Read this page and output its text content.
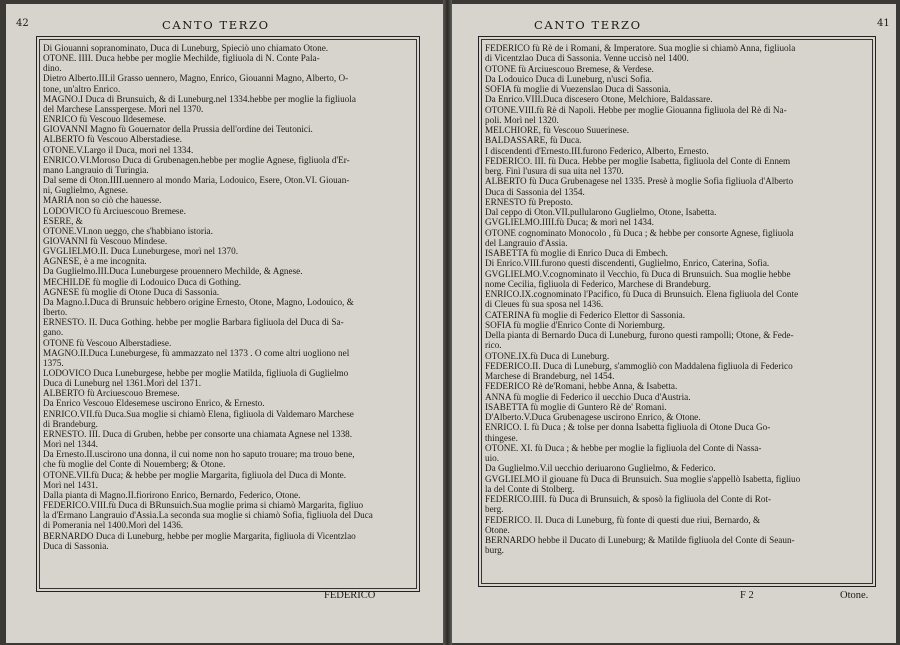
42	CANTO TERZO
Di Giouanni sopranominato, Duca di Luneburg, Spieciò uno chiamato Otone.
OTONE. IIII. Duca hebbe per moglie Mechilde, figliuola di N. Conte Pala-
dino.
Dietro Alberto.III.il Grasso uennero, Magno, Enrico, Giouanni Magno, Alberto, O-
tone, un'altro Enrico.
MAGNO.I Duca di Brunsuich, & di Luneburg.nel 1334.hebbe per moglie la figliuola
del Marchese Lansspergese. Morì nel 1370.
ENRICO fù Vescouo Ildesemese.
GIOVANNI Magno fù Gouernator della Prussia dell'ordine dei Teutonici.
ALBERTO fù Vescouo Alberstadiese.
OTONE.V.Largo il Duca, morì nel 1334.
ENRICO.VI.Moroso Duca di Grubenagen.hebbe per moglie Agnese, figliuola d'Er-
mano Langrauio di Turingia.
Dal seme di Oton.IIII.uennero al mondo Maria, Lodouico, Esere, Oton.VI. Giouan-
ni, Guglielmo, Agnese.
MARIA non so ciò che hauesse.
LODOVICO fù Arciuescouo Bremese.
ESERE, &
OTONE.VI.non ueggo, che s'habbiano istoria.
GIOVANNI fù Vescouo Mindese.
GVGLIELMO.II. Duca Luneburgese, morì nel 1370.
AGNESE, è a me incognita.
Da Guglielmo.III.Duca Luneburgese prouennero Mechilde, & Agnese.
MECHILDE fù moglie di Lodouico Duca di Gothing.
AGNESE fù moglie di Otone Duca di Sassonia.
Da Magno.I.Duca di Brunsuic hebbero origine Ernesto, Otone, Magno, Lodouico, &
Iberto.
ERNESTO. II. Duca Gothing. hebbe per moglie Barbara figliuola del Duca di Sa-
gano.
OTONE fù Vescouo Alberstadiese.
MAGNO.II.Duca Luneburgese, fù ammazzato nel 1373 . O come altri uogliono nel
1375.
LODOVICO Duca Luneburgese, hebbe per moglie Matilda, figliuola di Guglielmo
Duca di Luneburg nel 1361.Morì del 1371.
ALBERTO fù Arciuescouo Bremese.
Da Enrico Vescouo Eldesemese uscirono Enrico, & Ernesto.
ENRICO.VII.fù Duca.Sua moglie si chiamò Elena, figliuola di Valdemaro Marchese
di Brandeburg.
ERNESTO. III. Duca di Gruben, hebbe per consorte una chiamata Agnese nel 1338.
Morì nel 1344.
Da Ernesto.II.uscirono una donna, il cui nome non ho saputo trouare; ma trouo bene,
che fù moglie del Conte di Nouemberg; & Otone.
OTONE.VII.fù Duca; & hebbe per moglie Margarita, figliuola del Duca di Monte.
Morì nel 1431.
Dalla pianta di Magno.II.fiorirono Enrico, Bernardo, Federico, Otone.
FEDERICO.VIII.fù Duca di BRunsuich.Sua moglie prima si chiamò Margarita, figliuo
la d'Ermano Langrauio d'Assia.La seconda sua moglie si chiamò Sofia, figliuola del Duca
di Pomerania nel 1400.Morì del 1436.
BERNARDO Duca di Luneburg, hebbe per moglie Margarita, figliuola di Vicentzlao
Duca di Sassonia.
FEDERICO
CANTO TERZO	41
FEDERICO fù Rè de i Romani, & Imperatore. Sua moglie si chiamò Anna, figliuola
di Vicentzlao Duca di Sassonia. Venne uccisò nel 1400.
OTONE fù Arciuescouo Bremese, & Verdese.
Da Lodouico Duca di Luneburg, n'usci Sofia.
SOFIA fù moglie di Vuezenslao Duca di Sassonia.
Da Enrico.VIII.Duca discesero Otone, Melchiore, Baldassare.
OTONE.VIII.fù Rè di Napoli. Hebbe per moglie Giouanna figliuola del Rè di Na-
poli. Morì nel 1320.
MELCHIORE, fù Vescouo Suuerinese.
BALDASSARE, fù Duca.
I discendenti d'Ernesto.III.furono Federico, Alberto, Ernesto.
FEDERICO. III. fù Duca. Hebbe per moglie Isabetta, figliuola del Conte di Ennem
berg. Finì l'usura di sua uita nel 1370.
ALBERTO fù Duca Grubenagese nel 1335. Presè à moglie Sofia figliuola d'Alberto
Duca di Sassonia del 1354.
ERNESTO fù Preposto.
Dal ceppo di Oton.VII.pullularono Guglielmo, Otone, Isabetta.
GVGLIELMO.IIII.fù Duca; & morì nel 1434.
OTONE cognominato Monocolo , fù Duca ; & hebbe per consorte Agnese, figliuola
del Langrauio d'Assia.
ISABETTA fù moglie di Enrico Duca di Embech.
Di Enrico.VIII.furono questi discendenti, Guglielmo, Enrico, Caterina, Sofia.
GVGLIELMO.V.cognominato il Vecchio, fù Duca di Brunsuich. Sua moglie hebbe
nome Cecilia, figliuola di Federico, Marchese di Brandeburg.
ENRICO.IX.cognominato l'Pacifico, fù Duca di Brunsuich. Elena figliuola del Conte
di Cleues fù sua sposa nel 1436.
CATERINA fù moglie di Federico Elettor di Sassonia.
SOFIA fù moglie d'Enrico Conte di Noriemburg.
Della pianta di Bernardo Duca di Luneburg, furono questi rampolli; Otone, & Fede-
rico.
OTONE.IX.fù Duca di Luneburg.
FEDERICO.II. Duca di Luneburg, s'ammogliò con Maddalena figliuola di Federico
Marchese di Brandeburg, nel 1454.
FEDERICO Rè de'Romani, hebbe Anna, & Isabetta.
ANNA fù moglie di Federico il uecchio Duca d'Austria.
ISABETTA fù moglie di Guntero Rè de' Romani.
D'Alberto.V.Duca Grubenagese uscirono Enrico, & Otone.
ENRICO. I. fù Duca ; & tolse per donna Isabetta figliuola di Otone Duca Go-
thingese.
OTONE. XI. fù Duca ; & hebbe per moglie la figliuola del Conte di Nassa-
uio.
Da Guglielmo.V.il uecchio deriuarono Guglielmo, & Federico.
GVGLIELMO il giouane fù Duca di Brunsuich. Sua moglie s'appellò Isabetta, figliuo
la del Conte di Stolberg.
FEDERICO.IIII. fù Duca di Brunsuich, & sposò la figliuola del Conte di Rot-
berg.
FEDERICO. II. Duca di Luneburg, fù fonte di questi due riui, Bernardo, &
Otone.
BERNARDO hebbe il Ducato di Luneburg; & Matilde figliuola del Conte di Seaun-
burg.
F 2	Otone.
